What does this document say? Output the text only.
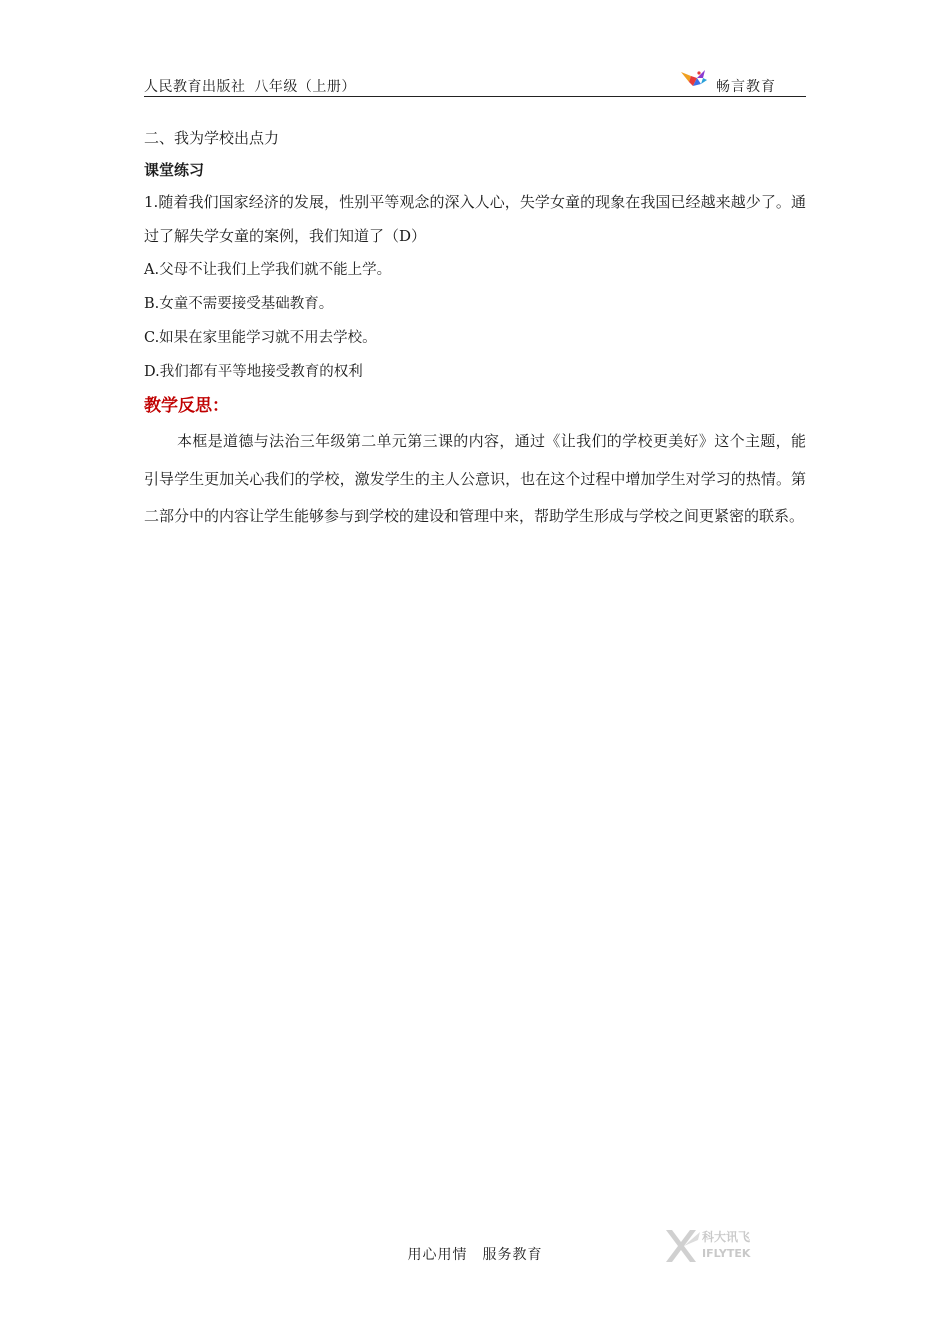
人民教育出版社 八年级（上册）	畅言教育

二、我为学校出点力

课堂练习

1.随着我们国家经济的发展，性别平等观念的深入人心，失学女童的现象在我国已经越来越少了。通过了解失学女童的案例，我们知道了（D）

A.父母不让我们上学我们就不能上学。

B.女童不需要接受基础教育。

C.如果在家里能学习就不用去学校。

D.我们都有平等地接受教育的权利

教学反思：

本框是道德与法治三年级第二单元第三课的内容，通过《让我们的学校更美好》这个主题，能引导学生更加关心我们的学校，激发学生的主人公意识，也在这个过程中增加学生对学习的热情。第二部分中的内容让学生能够参与到学校的建设和管理中来，帮助学生形成与学校之间更紧密的联系。

用心用情　服务教育
科大讯飞
IFLYTEK
